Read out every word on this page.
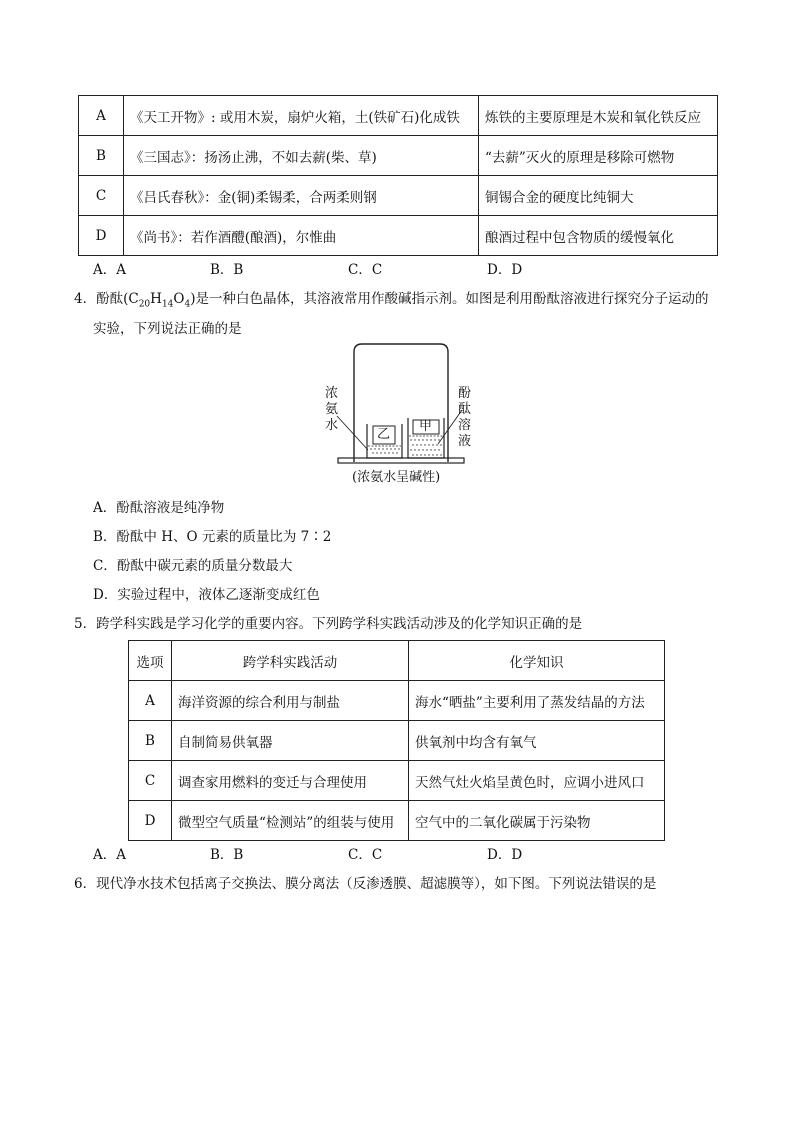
A	《天工开物》: 或用木炭，扇炉火箱，土(铁矿石)化成铁	炼铁的主要原理是木炭和氧化铁反应
B	《三国志》：扬汤止沸，不如去薪(柴、草)	“去薪”灭火的原理是移除可燃物
C	《吕氏春秋》：金(铜)柔锡柔，合两柔则钢	铜锡合金的硬度比纯铜大
D	《尚书》：若作酒醴(酿酒)，尔惟曲	酿酒过程中包含物质的缓慢氧化
A．A	B．B	C．C	D．D
4．酚酞$(C_{20}H_{14}O_4)$是一种白色晶体，其溶液常用作酸碱指示剂。如图是利用酚酞溶液进行探究分子运动的
实验，下列说法正确的是
浓
氨
水
酚酞
溶液
乙
甲
(浓氨水呈碱性)
A．酚酞溶液是纯净物
B．酚酞中 H、O 元素的质量比为 7∶2
C．酚酞中碳元素的质量分数最大
D．实验过程中，液体乙逐渐变成红色
5．跨学科实践是学习化学的重要内容。下列跨学科实践活动涉及的化学知识正确的是
选项	跨学科实践活动	化学知识
A	海洋资源的综合利用与制盐	海水“晒盐”主要利用了蒸发结晶的方法
B	自制简易供氧器	供氧剂中均含有氧气
C	调查家用燃料的变迁与合理使用	天然气灶火焰呈黄色时，应调小进风口
D	微型空气质量“检测站”的组装与使用	空气中的二氧化碳属于污染物
A．A	B．B	C．C	D．D
6．现代净水技术包括离子交换法、膜分离法（反渗透膜、超滤膜等），如下图。下列说法错误的是
